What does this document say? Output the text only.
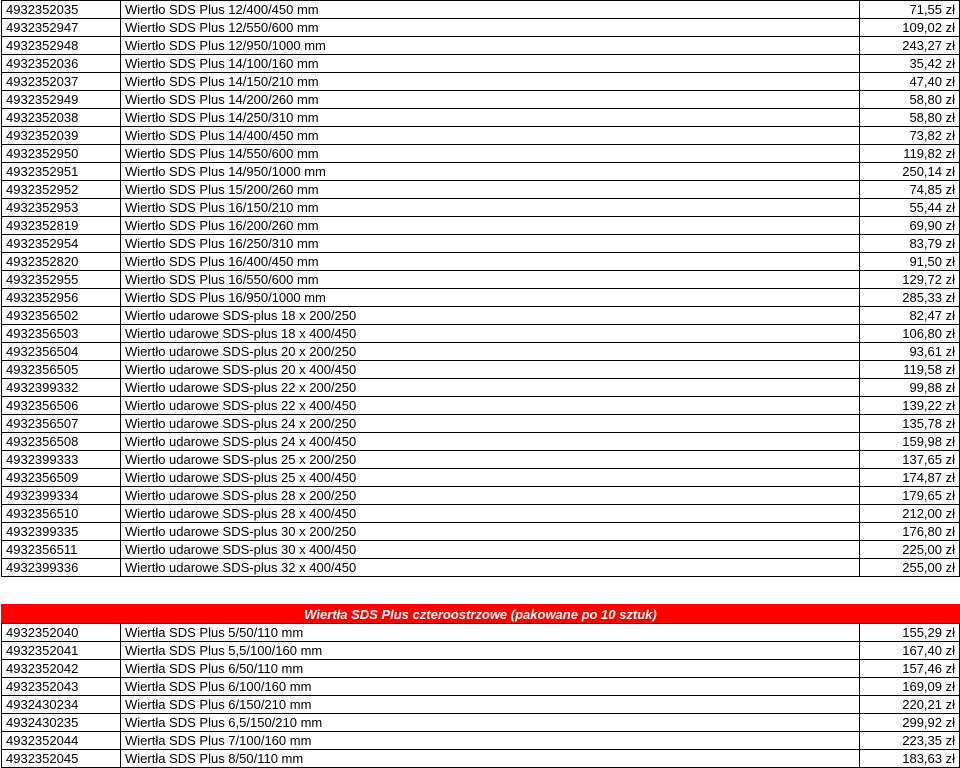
4932352035	Wiertło SDS Plus 12/400/450 mm	71,55 zł
4932352947	Wiertło SDS Plus 12/550/600 mm	109,02 zł
4932352948	Wiertło SDS Plus 12/950/1000 mm	243,27 zł
4932352036	Wiertło SDS Plus 14/100/160 mm	35,42 zł
4932352037	Wiertło SDS Plus 14/150/210 mm	47,40 zł
4932352949	Wiertło SDS Plus 14/200/260 mm	58,80 zł
4932352038	Wiertło SDS Plus 14/250/310 mm	58,80 zł
4932352039	Wiertło SDS Plus 14/400/450 mm	73,82 zł
4932352950	Wiertło SDS Plus 14/550/600 mm	119,82 zł
4932352951	Wiertło SDS Plus 14/950/1000 mm	250,14 zł
4932352952	Wiertło SDS Plus 15/200/260 mm	74,85 zł
4932352953	Wiertło SDS Plus 16/150/210 mm	55,44 zł
4932352819	Wiertło SDS Plus 16/200/260 mm	69,90 zł
4932352954	Wiertło SDS Plus 16/250/310 mm	83,79 zł
4932352820	Wiertło SDS Plus 16/400/450 mm	91,50 zł
4932352955	Wiertło SDS Plus 16/550/600 mm	129,72 zł
4932352956	Wiertło SDS Plus 16/950/1000 mm	285,33 zł
4932356502	Wiertło udarowe SDS-plus 18 x 200/250	82,47 zł
4932356503	Wiertło udarowe SDS-plus 18 x 400/450	106,80 zł
4932356504	Wiertło udarowe SDS-plus 20 x 200/250	93,61 zł
4932356505	Wiertło udarowe SDS-plus 20 x 400/450	119,58 zł
4932399332	Wiertło udarowe SDS-plus 22 x 200/250	99,88 zł
4932356506	Wiertło udarowe SDS-plus 22 x 400/450	139,22 zł
4932356507	Wiertło udarowe SDS-plus 24 x 200/250	135,78 zł
4932356508	Wiertło udarowe SDS-plus 24 x 400/450	159,98 zł
4932399333	Wiertło udarowe SDS-plus 25 x 200/250	137,65 zł
4932356509	Wiertło udarowe SDS-plus 25 x 400/450	174,87 zł
4932399334	Wiertło udarowe SDS-plus 28 x 200/250	179,65 zł
4932356510	Wiertło udarowe SDS-plus 28 x 400/450	212,00 zł
4932399335	Wiertło udarowe SDS-plus 30 x 200/250	176,80 zł
4932356511	Wiertło udarowe SDS-plus 30 x 400/450	225,00 zł
4932399336	Wiertło udarowe SDS-plus 32 x 400/450	255,00 zł

Wiertła SDS Plus czteroostrzowe (pakowane po 10 sztuk)		
4932352040	Wiertła SDS Plus 5/50/110 mm	155,29 zł
4932352041	Wiertła SDS Plus 5,5/100/160 mm	167,40 zł
4932352042	Wiertła SDS Plus 6/50/110 mm	157,46 zł
4932352043	Wiertła SDS Plus 6/100/160 mm	169,09 zł
4932430234	Wiertła SDS Plus 6/150/210 mm	220,21 zł
4932430235	Wiertła SDS Plus 6,5/150/210 mm	299,92 zł
4932352044	Wiertła SDS Plus 7/100/160 mm	223,35 zł
4932352045	Wiertła SDS Plus 8/50/110 mm	183,63 zł
